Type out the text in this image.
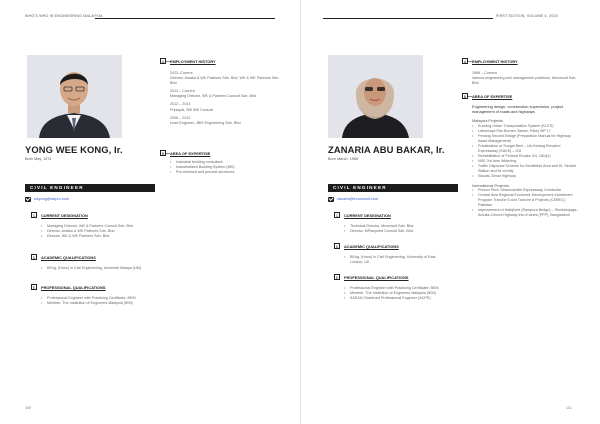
WHO'S WHO IN ENGINEERING MALAYSIA
YONG WEE KONG, Ir.
Born May, 1974
CIVIL ENGINEER
wkyong@wkpm.com
A	EMPLOYMENT HISTORY
2022–Current
Director, Astaka & WK Partners Sdn. Bhd, WK & WK Partners Sdn. Bhd
2014 – Current
Managing Director, WK & Partners Consult Sdn. Bhd
2012 – 2014
Principal, WK IBS Consult
2006 – 2012
Lead Engineer, JBIS Engineering Sdn. Bhd
B	AREA OF EXPERTISE
• Industrial building consultant
• Industrialised Building System (IBS)
• Pre-stressed and precast structures
C	CURRENT DESIGNATION
• Managing Director, WK & Partners Consult Sdn. Bhd
• Director, Astaka & WK Partners Sdn. Bhd
• Director, WK & WK Partners Sdn. Bhd
D	ACADEMIC QUALIFICATIONS
• BEng. (Hons) in Civil Engineering, Universiti Malaya (UM)
E	PROFESSIONAL QUALIFICATIONS
• Professional Engineer with Practising Certificate, BEM
• Member, The Institution of Engineers Malaysia (IEM)
100
FIRST EDITION, VOLUME 4, 2024
ZANARIA ABU BAKAR, Ir.
Born March, 1966
CIVIL ENGINEER
zanaria@mrconsult.com
A	EMPLOYMENT HISTORY
1989 – Current
Various engineering and management positions, Mrconsult Sdn. Bhd
B	AREA OF EXPERTISE
Engineering design, construction supervision, project management of roads and highways
Malaysia Projects:
• Kuching Urban Transportation System (KUTS)
• Lebuhraya Pan Borneo Sabah, Pakej WP 17
• Penang Second Bridge (Preparation Manual for Highway Asset Management)
• Privatisation of Sungai Besi – Ulu Kelang Elevated Expressway (SUKE) – IC6
• Rehabilitation of Federal Routes 3/4, 18/4(3)
• NSE 3rd lane Widening
• Traffic Dispersal Scheme for Brickfields Area and KL Sentral Station and its vicinity
• Skudai–Senai Highway
International Projects:
• Phnom Penh Sihanoukville Expressway Cambodia
• Central Asia Regional Economic Development Investment Program Tranche 6 and Tranche 8 Projects (CAREC), Pakistan
• Improvement of Hatirjheel (Rampura Bridge) – Sheikherjaga–Amulia–Demra Highway into 8 lanes (PPP), Bangladesh
C	CURRENT DESIGNATION
• Technical Director, Mrconsult Sdn. Bhd
• Director, MPlanpoint Consult Sdn. Bhd
D	ACADEMIC QUALIFICATIONS
• BEng. (Hons) in Civil Engineering, University of East London, UK
E	PROFESSIONAL QUALIFICATIONS
• Professional Engineer with Practising Certificate, BEM
• Member, The Institution of Engineers Malaysia (IEM)
• ASEAN Chartered Professional Engineer (ACPE)
101
